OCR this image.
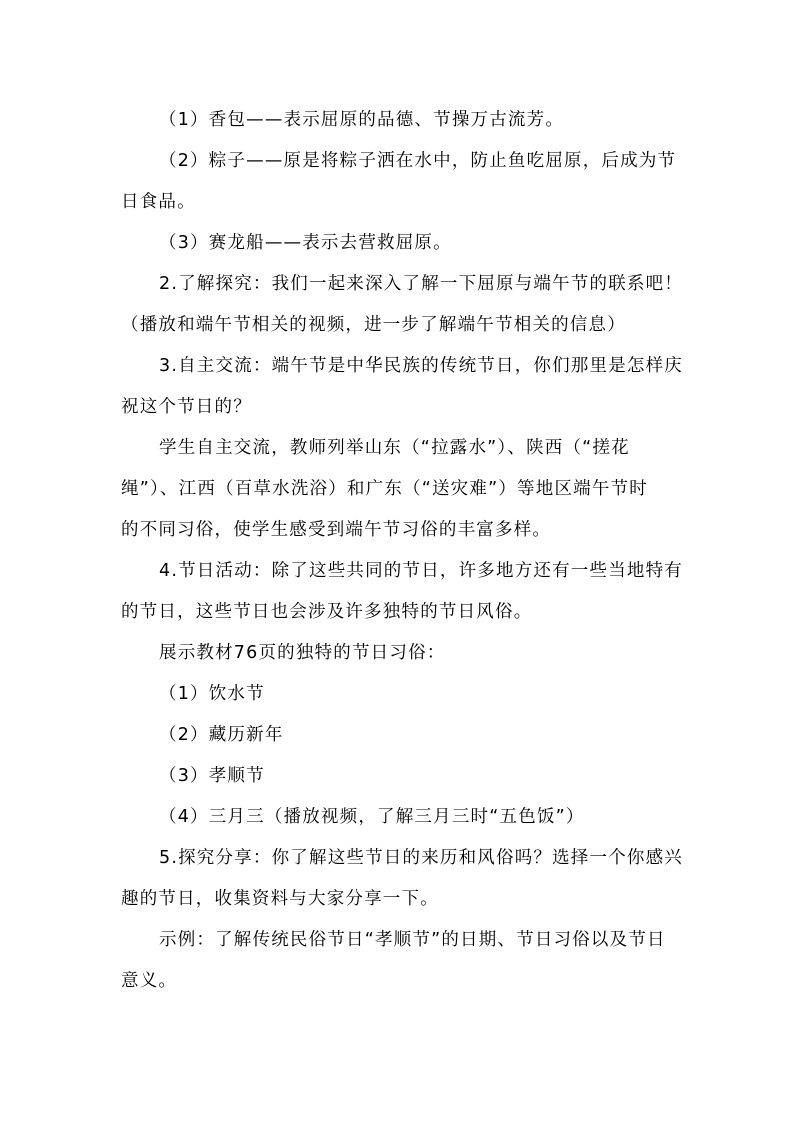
（1）香包——表示屈原的品德、节操万古流芳。

（2）粽子——原是将粽子洒在水中，防止鱼吃屈原，后成为节

日食品。

（3）赛龙船——表示去营救屈原。

2.了解探究：我们一起来深入了解一下屈原与端午节的联系吧！

（播放和端午节相关的视频，进一步了解端午节相关的信息）

3.自主交流：端午节是中华民族的传统节日，你们那里是怎样庆

祝这个节日的？

学生自主交流，教师列举山东（“拉露水”）、陕西（“搓花

绳”）、江西（百草水洗浴）和广东（“送灾难”）等地区端午节时

的不同习俗，使学生感受到端午节习俗的丰富多样。

4.节日活动：除了这些共同的节日，许多地方还有一些当地特有

的节日，这些节日也会涉及许多独特的节日风俗。

展示教材76页的独特的节日习俗：

（1）饮水节

（2）藏历新年

（3）孝顺节

（4）三月三（播放视频，了解三月三时“五色饭”）

5.探究分享：你了解这些节日的来历和风俗吗？选择一个你感兴

趣的节日，收集资料与大家分享一下。

示例：了解传统民俗节日“孝顺节”的日期、节日习俗以及节日

意义。
